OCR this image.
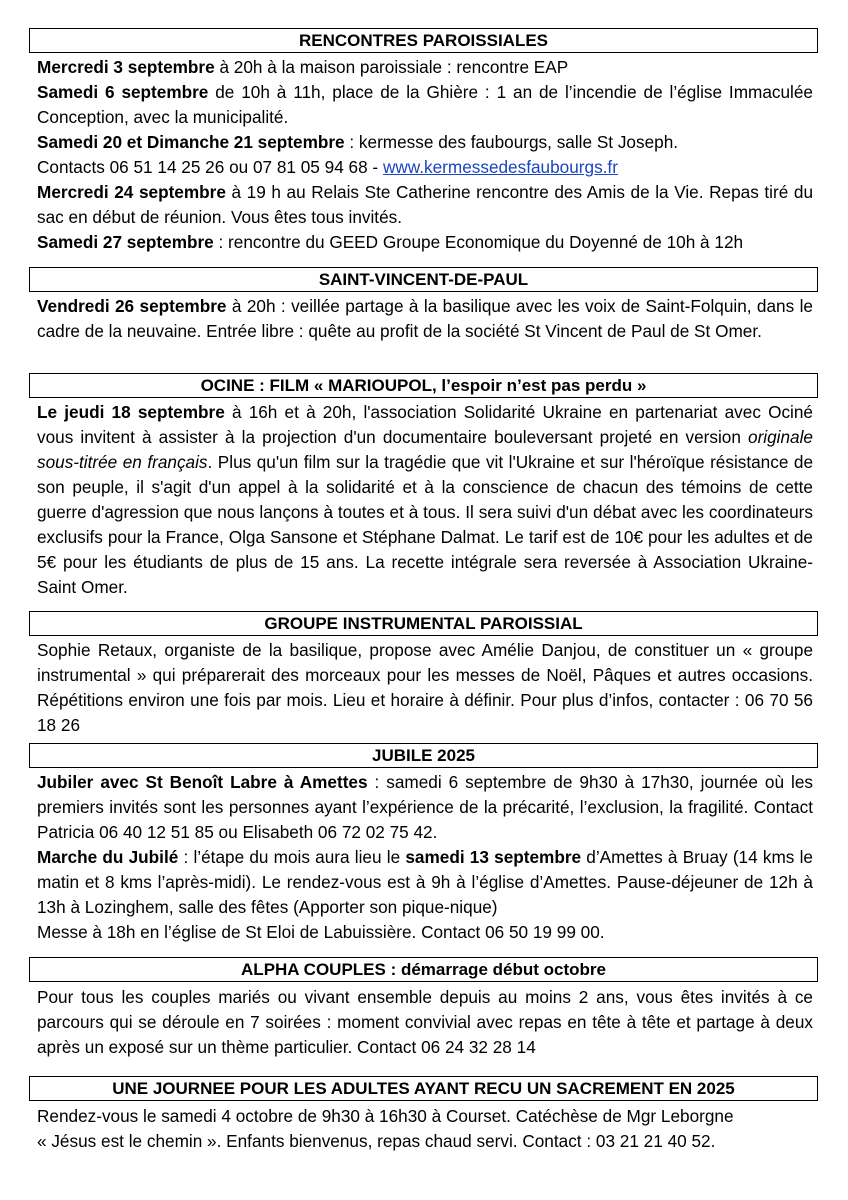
RENCONTRES PAROISSIALES

Mercredi 3 septembre à 20h à la maison paroissiale : rencontre EAP

Samedi 6 septembre de 10h à 11h, place de la Ghière : 1 an de l’incendie de l’église Immaculée Conception, avec la municipalité.

Samedi 20 et Dimanche 21 septembre : kermesse des faubourgs, salle St Joseph.

Contacts 06 51 14 25 26 ou 07 81 05 94 68 - www.kermessedesfaubourgs.fr

Mercredi 24 septembre à 19 h au Relais Ste Catherine rencontre des Amis de la Vie. Repas tiré du sac en début de réunion. Vous êtes tous invités.

Samedi 27 septembre : rencontre du GEED Groupe Economique du Doyenné de 10h à 12h

SAINT-VINCENT-DE-PAUL

Vendredi 26 septembre à 20h : veillée partage à la basilique avec les voix de Saint-Folquin, dans le cadre de la neuvaine. Entrée libre : quête au profit de la société St Vincent de Paul de St Omer.

OCINE : FILM « MARIOUPOL, l’espoir n’est pas perdu »

Le jeudi 18 septembre à 16h et à 20h, l'association Solidarité Ukraine en partenariat avec Ociné vous invitent à assister à la projection d'un documentaire bouleversant projeté en version originale sous-titrée en français. Plus qu'un film sur la tragédie que vit l'Ukraine et sur l'héroïque résistance de son peuple, il s'agit d'un appel à la solidarité et à la conscience de chacun des témoins de cette guerre d'agression que nous lançons à toutes et à tous. Il sera suivi d'un débat avec les coordinateurs exclusifs pour la France, Olga Sansone et Stéphane Dalmat. Le tarif est de 10€ pour les adultes et de 5€ pour les étudiants de plus de 15 ans. La recette intégrale sera reversée à Association Ukraine-Saint Omer.

GROUPE INSTRUMENTAL PAROISSIAL

Sophie Retaux, organiste de la basilique, propose avec Amélie Danjou, de constituer un « groupe instrumental » qui préparerait des morceaux pour les messes de Noël, Pâques et autres occasions. Répétitions environ une fois par mois. Lieu et horaire à définir. Pour plus d’infos, contacter : 06 70 56 18 26

JUBILE 2025

Jubiler avec St Benoît Labre à Amettes : samedi 6 septembre de 9h30 à 17h30, journée où les premiers invités sont les personnes ayant l’expérience de la précarité, l’exclusion, la fragilité. Contact Patricia 06 40 12 51 85 ou Elisabeth 06 72 02 75 42.

Marche du Jubilé : l’étape du mois aura lieu le samedi 13 septembre d’Amettes à Bruay (14 kms le matin et 8 kms l’après-midi). Le rendez-vous est à 9h à l’église d’Amettes. Pause-déjeuner de 12h à 13h à Lozinghem, salle des fêtes (Apporter son pique-nique)

Messe à 18h en l’église de St Eloi de Labuissière. Contact 06 50 19 99 00.

ALPHA COUPLES : démarrage début octobre

Pour tous les couples mariés ou vivant ensemble depuis au moins 2 ans, vous êtes invités à ce parcours qui se déroule en 7 soirées : moment convivial avec repas en tête à tête et partage à deux après un exposé sur un thème particulier. Contact 06 24 32 28 14

UNE JOURNEE POUR LES ADULTES AYANT RECU UN SACREMENT EN 2025
Rendez-vous le samedi 4 octobre de 9h30 à 16h30 à Courset. Catéchèse de Mgr Leborgne
« Jésus est le chemin ». Enfants bienvenus, repas chaud servi. Contact : 03 21 21 40 52.
